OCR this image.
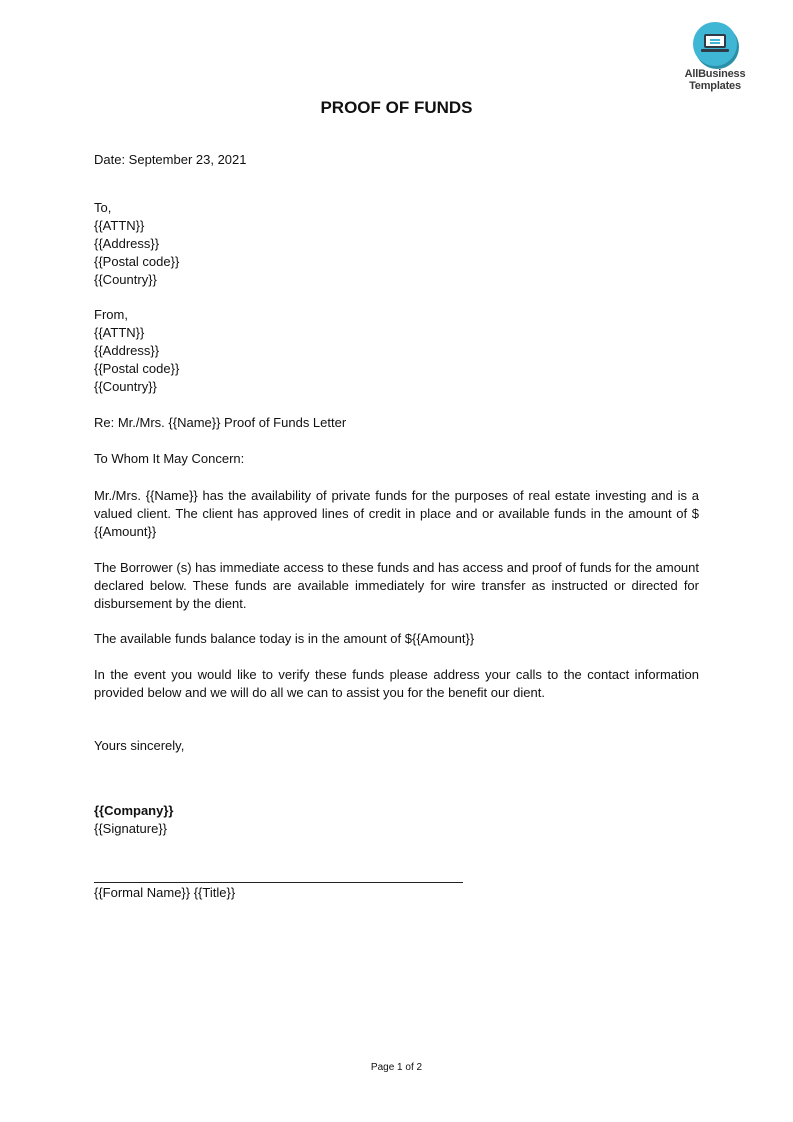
AllBusiness
Templates
PROOF OF FUNDS
Date: September 23, 2021
To,
{{ATTN}}
{{Address}}
{{Postal code}}
{{Country}}
From,
{{ATTN}}
{{Address}}
{{Postal code}}
{{Country}}
Re: Mr./Mrs. {{Name}} Proof of Funds Letter
To Whom It May Concern:
Mr./Mrs. {{Name}} has the availability of private funds for the purposes of real estate investing and is a valued client. The client has approved lines of credit in place and or available funds in the amount of $ {{Amount}}
The Borrower (s) has immediate access to these funds and has access and proof of funds for the amount declared below. These funds are available immediately for wire transfer as instructed or directed for disbursement by the dient.
The available funds balance today is in the amount of ${{Amount}}
In the event you would like to verify these funds please address your calls to the contact information provided below and we will do all we can to assist you for the benefit our dient.
Yours sincerely,
{{Company}}
{{Signature}}
{{Formal Name}} {{Title}}
Page 1 of 2
